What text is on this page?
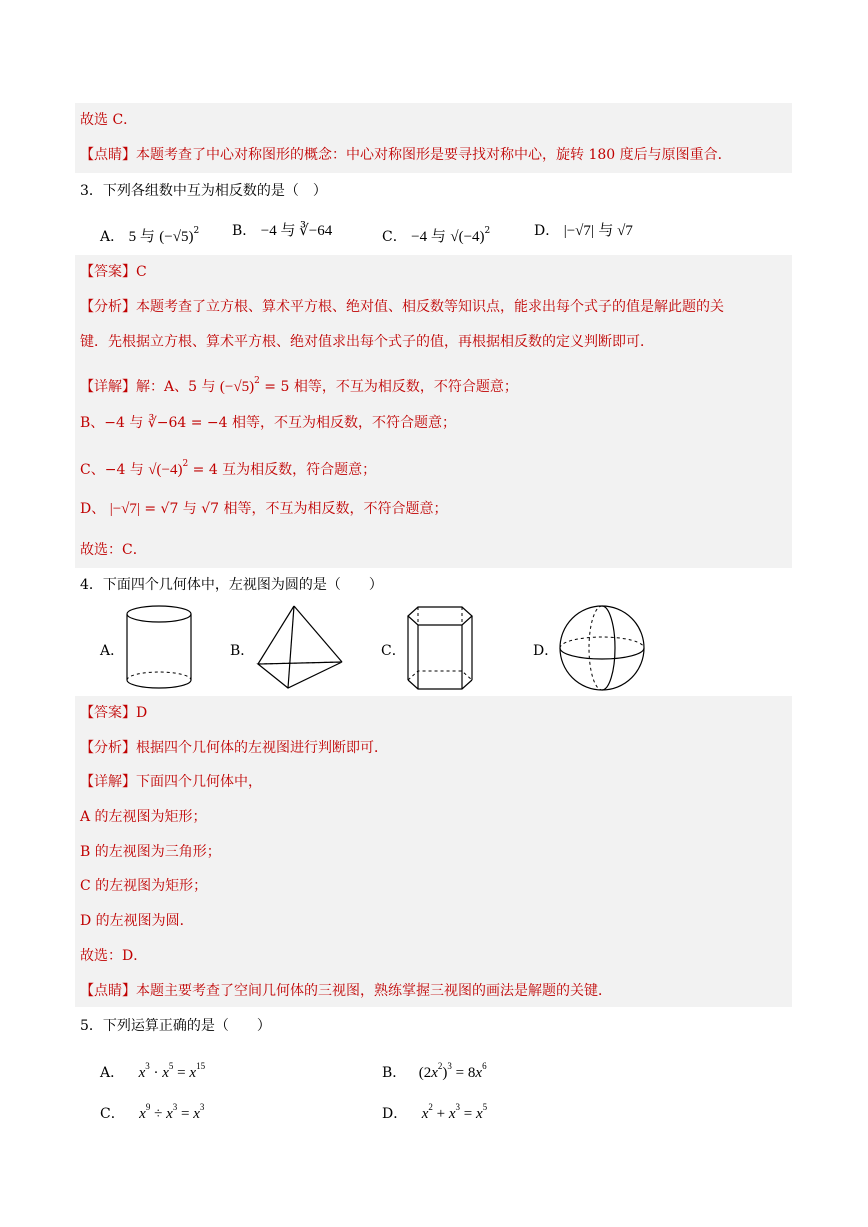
故选 C．
【点睛】本题考查了中心对称图形的概念：中心对称图形是要寻找对称中心，旋转 180 度后与原图重合．
3．下列各组数中互为相反数的是（　）
A． 5 与 $(-√5)^2$ B． −4 与 ∛−64	C． −4 与 $√(-4)^2$	D． |−√7| 与 √7
【答案】C
【分析】本题考查了立方根、算术平方根、绝对值、相反数等知识点，能求出每个式子的值是解此题的关
键．先根据立方根、算术平方根、绝对值求出每个式子的值，再根据相反数的定义判断即可．
【详解】解：A、5 与 $(-√5)^2 = 5$ 相等，不互为相反数，不符合题意；
B、−4 与 ∛−64 = −4 相等，不互为相反数，不符合题意；
C、−4 与 $√(-4)^2 = 4$ 互为相反数，符合题意；
D、 |−√7| = √7 与 √7 相等，不互为相反数，不符合题意；
故选：C．
4．下面四个几何体中，左视图为圆的是（　　）
A．	B．	C．	D．
【答案】D
【分析】根据四个几何体的左视图进行判断即可．
【详解】下面四个几何体中，
A 的左视图为矩形；
B 的左视图为三角形；
C 的左视图为矩形；
D 的左视图为圆．
故选：D．
【点睛】本题主要考查了空间几何体的三视图，熟练掌握三视图的画法是解题的关键．
5．下列运算正确的是（　　）
A． $x^3 \cdot x^5 = x^{15}$	B． $(2x^2)^3 = 8x^6$
C． $x^9 \div x^3 = x^3$	D． $x^2 + x^3 = x^5$
